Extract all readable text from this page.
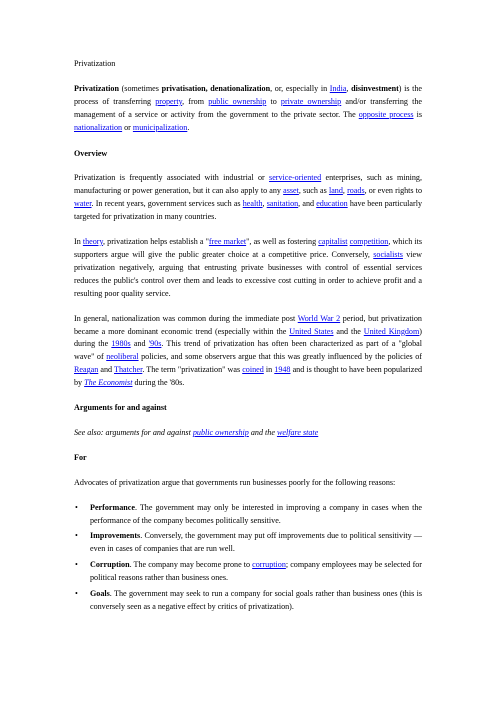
Privatization

Privatization (sometimes privatisation, denationalization, or, especially in India, disinvestment) is the process of transferring property, from public ownership to private ownership and/or transferring the management of a service or activity from the government to the private sector. The opposite process is nationalization or municipalization.

Overview

Privatization is frequently associated with industrial or service-oriented enterprises, such as mining, manufacturing or power generation, but it can also apply to any asset, such as land, roads, or even rights to water. In recent years, government services such as health, sanitation, and education have been particularly targeted for privatization in many countries.

In theory, privatization helps establish a "free market", as well as fostering capitalist competition, which its supporters argue will give the public greater choice at a competitive price. Conversely, socialists view privatization negatively, arguing that entrusting private businesses with control of essential services reduces the public's control over them and leads to excessive cost cutting in order to achieve profit and a resulting poor quality service.

In general, nationalization was common during the immediate post World War 2 period, but privatization became a more dominant economic trend (especially within the United States and the United Kingdom) during the 1980s and '90s. This trend of privatization has often been characterized as part of a "global wave" of neoliberal policies, and some observers argue that this was greatly influenced by the policies of Reagan and Thatcher. The term "privatization" was coined in 1948 and is thought to have been popularized by The Economist during the '80s.

Arguments for and against

See also: arguments for and against public ownership and the welfare state

For

Advocates of privatization argue that governments run businesses poorly for the following reasons:

• Performance. The government may only be interested in improving a company in cases when the performance of the company becomes politically sensitive.
• Improvements. Conversely, the government may put off improvements due to political sensitivity — even in cases of companies that are run well.
• Corruption. The company may become prone to corruption; company employees may be selected for political reasons rather than business ones.
• Goals. The government may seek to run a company for social goals rather than business ones (this is conversely seen as a negative effect by critics of privatization).
